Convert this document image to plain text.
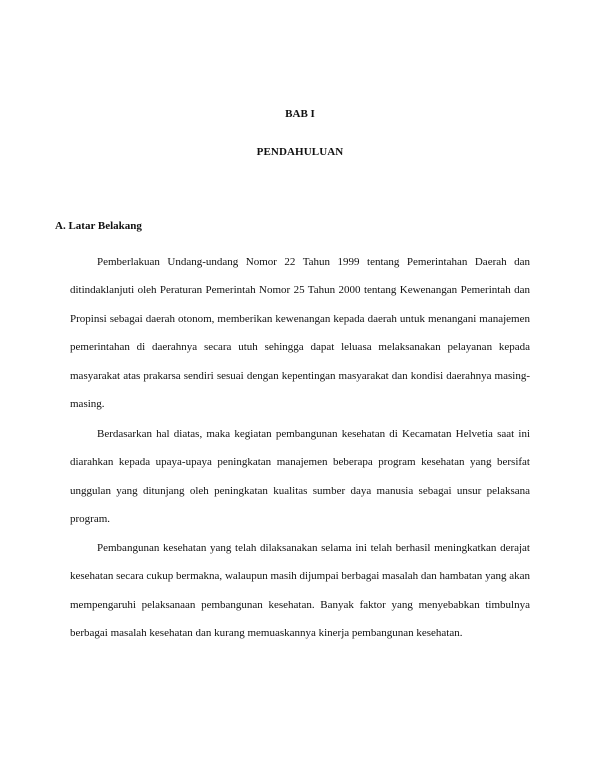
BAB I
PENDAHULUAN
A. Latar Belakang

Pemberlakuan Undang-undang Nomor 22 Tahun 1999 tentang Pemerintahan Daerah dan ditindaklanjuti oleh Peraturan Pemerintah Nomor 25 Tahun 2000 tentang Kewenangan Pemerintah dan Propinsi sebagai daerah otonom, memberikan kewenangan kepada daerah untuk menangani manajemen pemerintahan di daerahnya secara utuh sehingga dapat leluasa melaksanakan pelayanan kepada masyarakat atas prakarsa sendiri sesuai dengan kepentingan masyarakat dan kondisi daerahnya masing-masing.

Berdasarkan hal diatas, maka kegiatan pembangunan kesehatan di Kecamatan Helvetia saat ini diarahkan kepada upaya-upaya peningkatan manajemen beberapa program kesehatan yang bersifat unggulan yang ditunjang oleh peningkatan kualitas sumber daya manusia sebagai unsur pelaksana program.

Pembangunan kesehatan yang telah dilaksanakan selama ini telah berhasil meningkatkan derajat kesehatan secara cukup bermakna, walaupun masih dijumpai berbagai masalah dan hambatan yang akan mempengaruhi pelaksanaan pembangunan kesehatan. Banyak faktor yang menyebabkan timbulnya berbagai masalah kesehatan dan kurang memuaskannya kinerja pembangunan kesehatan.
